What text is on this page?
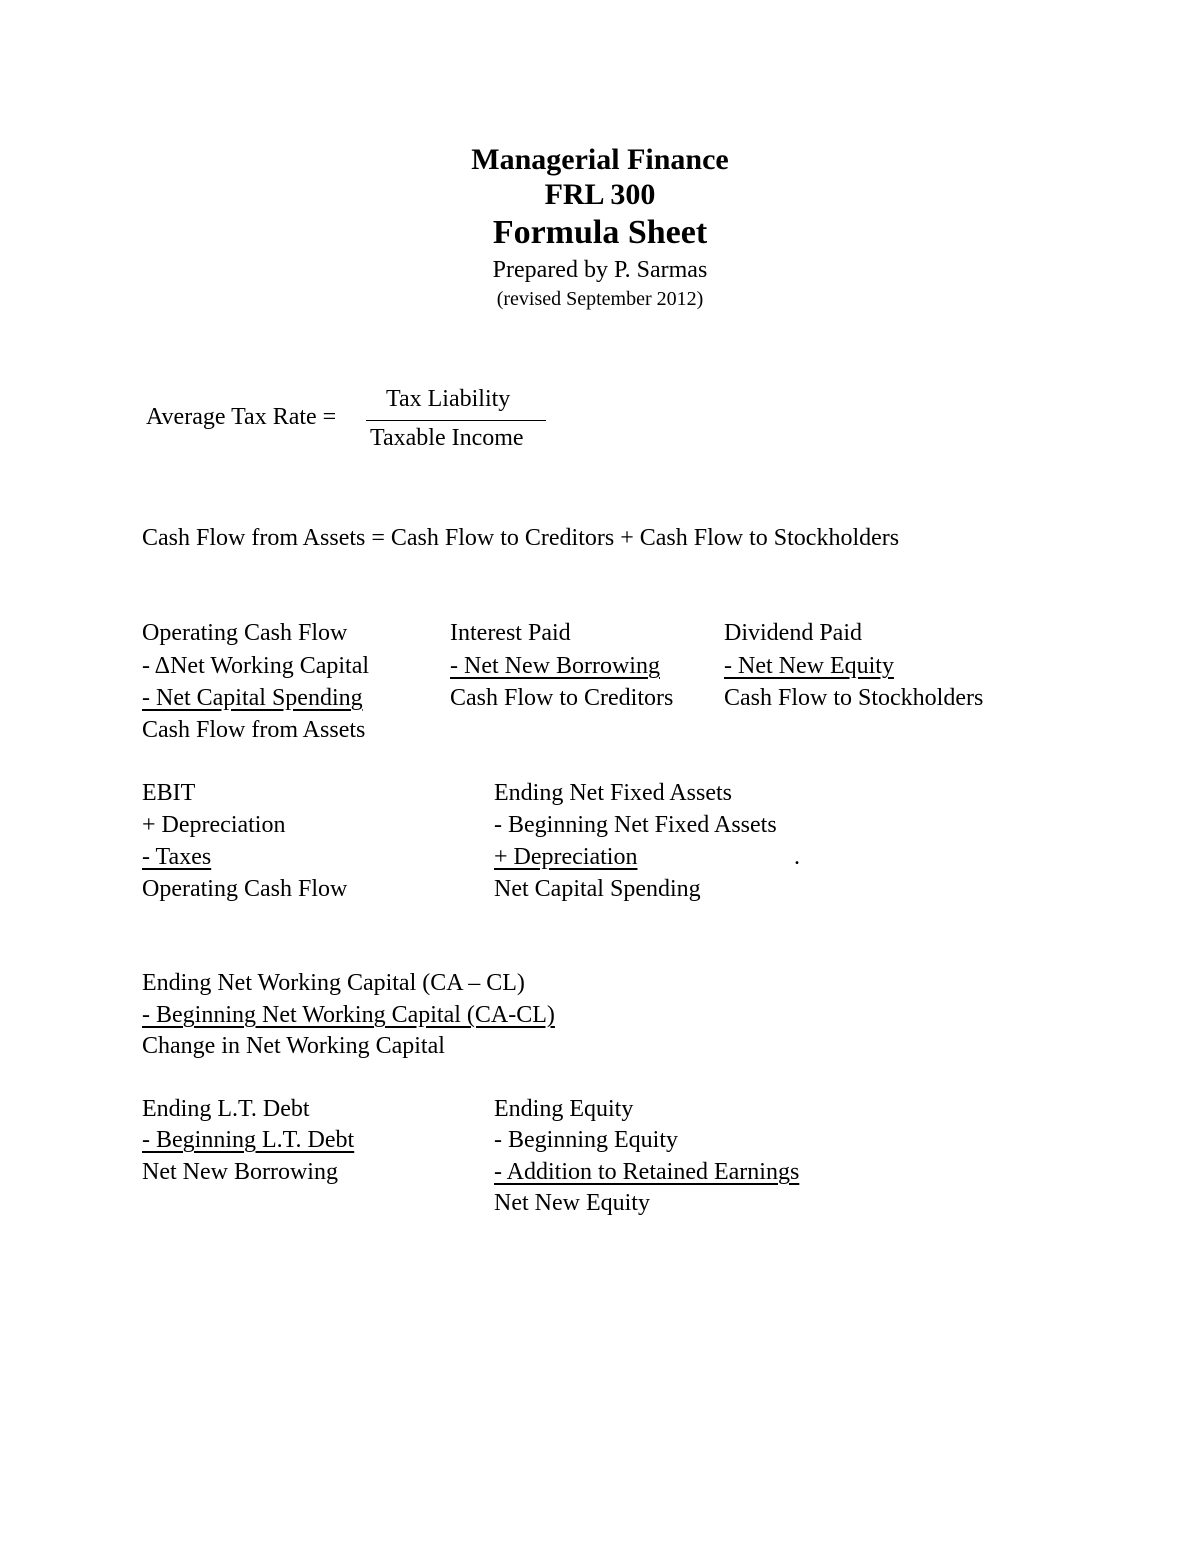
Managerial Finance
FRL 300
Formula Sheet
Prepared by P. Sarmas
(revised September 2012)
Average Tax Rate =
Tax Liability
Taxable Income
Cash Flow from Assets = Cash Flow to Creditors + Cash Flow to Stockholders
Operating Cash Flow
- ΔNet Working Capital
- Net Capital Spending
Cash Flow from Assets
Interest Paid
- Net New Borrowing
Cash Flow to Creditors
Dividend Paid
- Net New Equity
Cash Flow to Stockholders
EBIT
+ Depreciation
- Taxes
Operating Cash Flow
Ending Net Fixed Assets
- Beginning Net Fixed Assets
+ Depreciation	.
Net Capital Spending
Ending Net Working Capital (CA – CL)
- Beginning Net Working Capital (CA-CL)
Change in Net Working Capital
Ending L.T. Debt
- Beginning L.T. Debt
Net New Borrowing
Ending Equity
- Beginning Equity
- Addition to Retained Earnings
Net New Equity
